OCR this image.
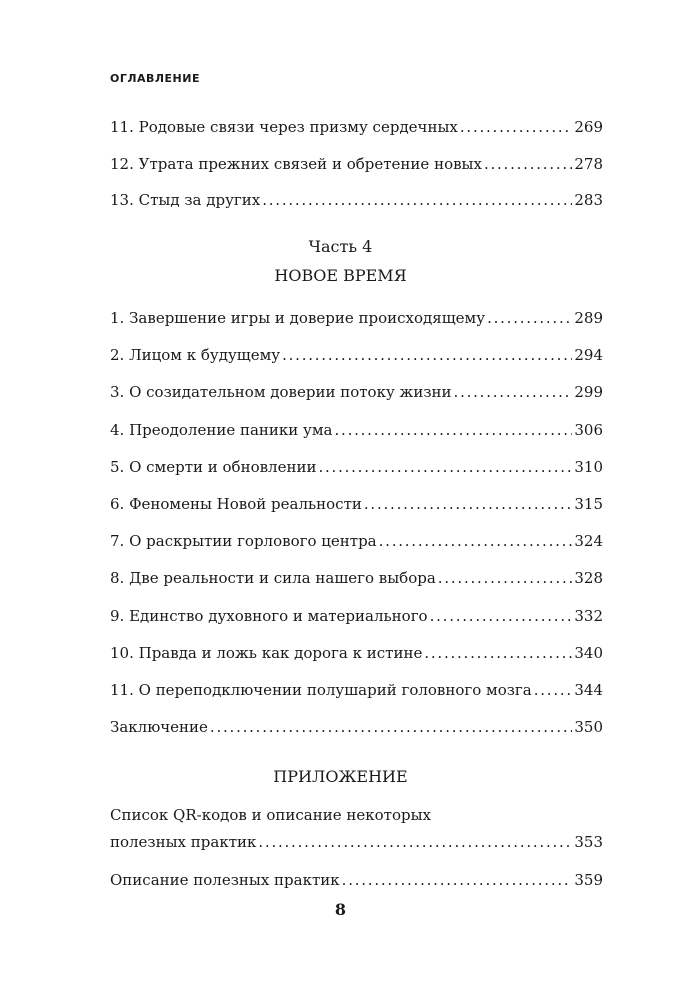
ОГЛАВЛЕНИЕ
11. Родовые связи через призму сердечных . . .	269
12. Утрата прежних связей и обретение новых . . .	278
13. Стыд за других . . .	283
Часть 4
НОВОЕ ВРЕМЯ
1. Завершение игры и доверие происходящему . . .	289
2. Лицом к будущему . . .	294
3. О созидательном доверии потоку жизни . . .	299
4. Преодоление паники ума . . .	306
5. О смерти и обновлении . . .	310
6. Феномены Новой реальности . . .	315
7. О раскрытии горлового центра . . .	324
8. Две реальности и сила нашего выбора . . .	328
9. Единство духовного и материального . . .	332
10. Правда и ложь как дорога к истине . . .	340
11. О переподключении полушарий головного мозга . . .	344
Заключение . . .	350
ПРИЛОЖЕНИЕ
Список QR-кодов и описание некоторых
полезных практик . . .	353
Описание полезных практик . . .	359
8
